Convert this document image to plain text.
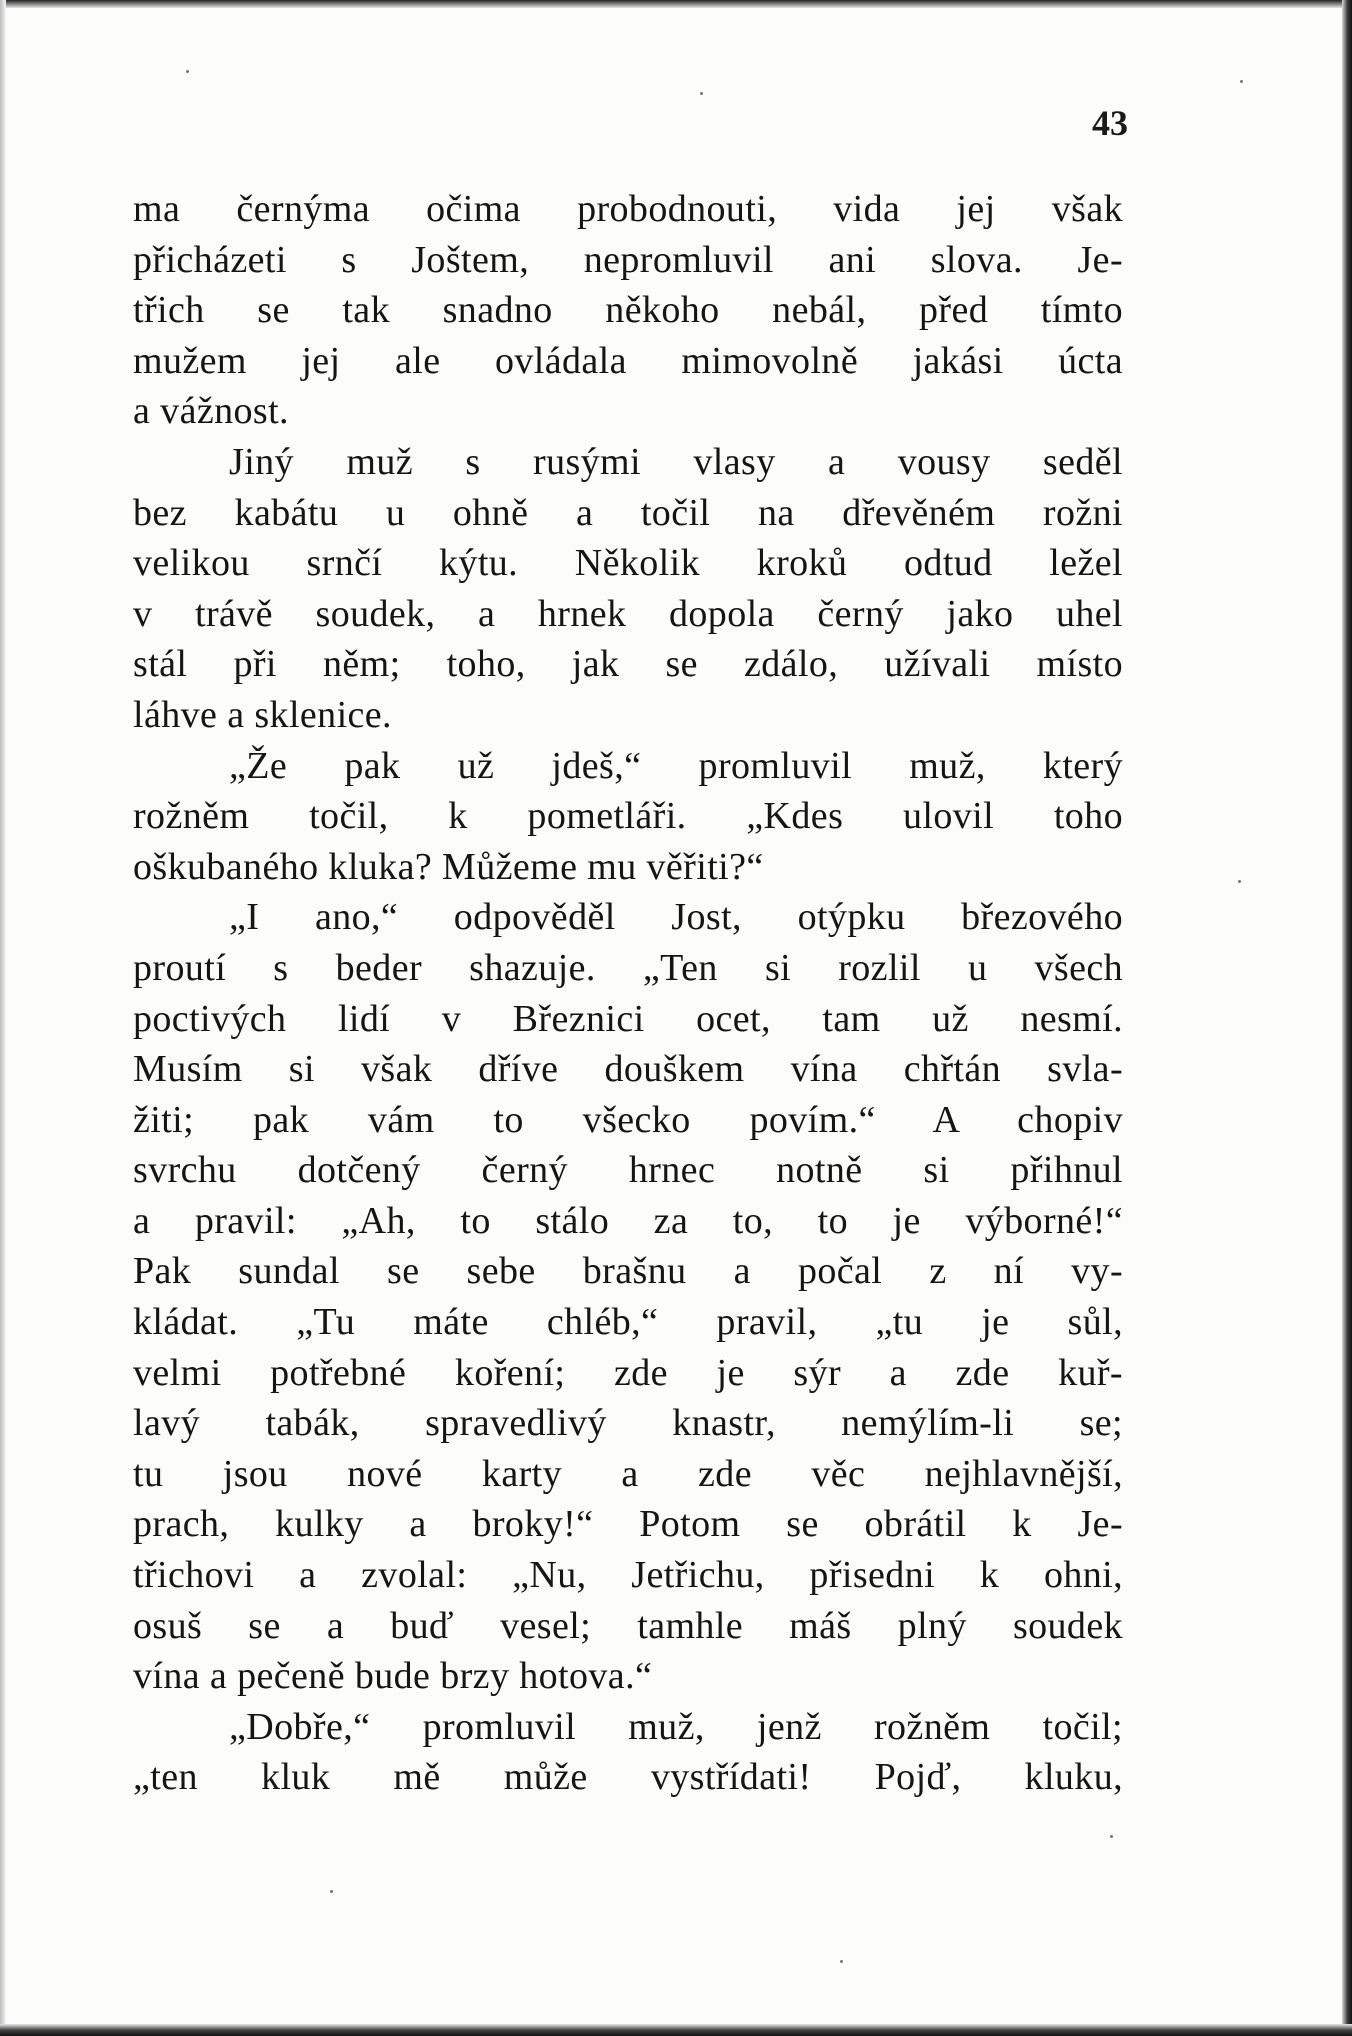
43
ma černýma očima probodnouti, vida jej však
přicházeti s Joštem, nepromluvil ani slova. Je-
třich se tak snadno někoho nebál, před tímto
mužem jej ale ovládala mimovolně jakási úcta
a vážnost.
Jiný muž s rusými vlasy a vousy seděl
bez kabátu u ohně a točil na dřevěném rožni
velikou srnčí kýtu. Několik kroků odtud ležel
v trávě soudek, a hrnek dopola černý jako uhel
stál při něm; toho, jak se zdálo, užívali místo
láhve a sklenice.
„Že pak už jdeš,“ promluvil muž, který
rožněm točil, k pometláři. „Kdes ulovil toho
oškubaného kluka? Můžeme mu věřiti?“
„I ano,“ odpověděl Jost, otýpku březového
proutí s beder shazuje. „Ten si rozlil u všech
poctivých lidí v Březnici ocet, tam už nesmí.
Musím si však dříve douškem vína chřtán svla-
žiti; pak vám to všecko povím.“ A chopiv
svrchu dotčený černý hrnec notně si přihnul
a pravil: „Ah, to stálo za to, to je výborné!“
Pak sundal se sebe brašnu a počal z ní vy-
kládat. „Tu máte chléb,“ pravil, „tu je sůl,
velmi potřebné koření; zde je sýr a zde kuř-
lavý tabák, spravedlivý knastr, nemýlím-li se;
tu jsou nové karty a zde věc nejhlavnější,
prach, kulky a broky!“ Potom se obrátil k Je-
třichovi a zvolal: „Nu, Jetřichu, přisedni k ohni,
osuš se a buď vesel; tamhle máš plný soudek
vína a pečeně bude brzy hotova.“
„Dobře,“ promluvil muž, jenž rožněm točil;
„ten kluk mě může vystřídati! Pojď, kluku,
